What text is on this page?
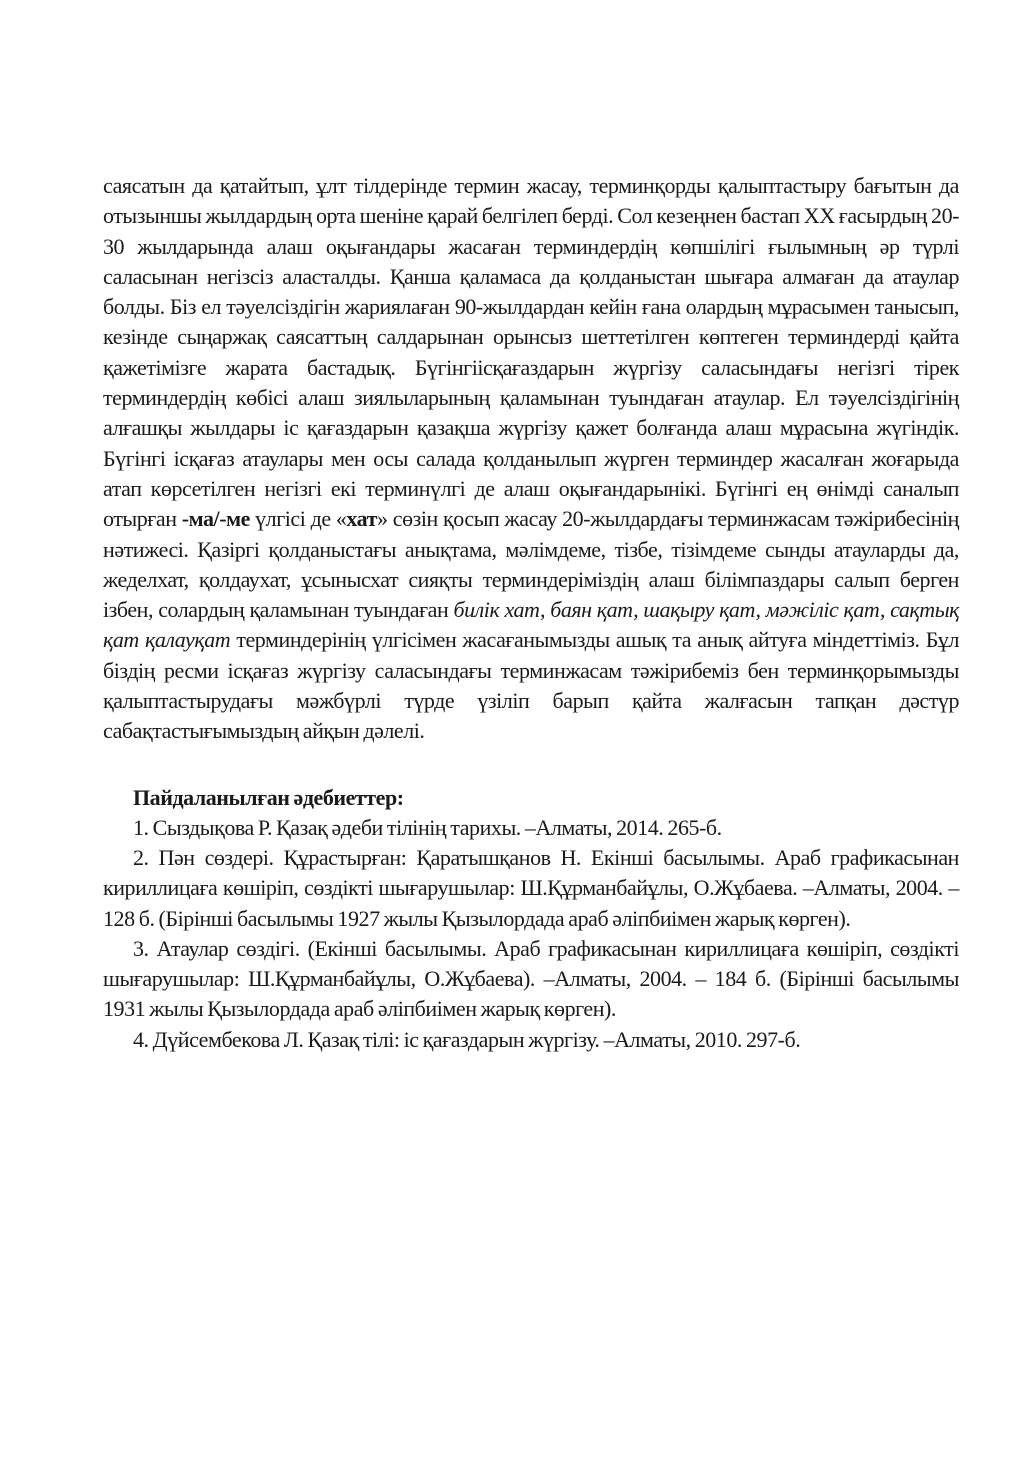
саясатын да қатайтып, ұлт тілдерінде термин жасау, терминқорды қалыптастыру бағытын да отызыншы жылдардың орта шеніне қарай белгілеп берді. Сол кезеңнен бастап ХХ ғасырдың 20-30 жылдарында алаш оқығандары жасаған терминдердің көпшілігі ғылымның әр түрлі саласынан негізсіз аласталды. Қанша қаламаса да қолданыстан шығара алмаған да атаулар болды. Біз ел тәуелсіздігін жариялаған 90-жылдардан кейін ғана олардың мұрасымен танысып, кезінде сыңаржақ саясаттың салдарынан орынсыз шеттетілген көптеген терминдерді қайта қажетімізге жарата бастадық. Бүгінгіісқағаздарын жүргізу саласындағы негізгі тірек терминдердің көбісі алаш зиялыларының қаламынан туындаған атаулар. Ел тәуелсіздігінің алғашқы жылдары іс қағаздарын қазақша жүргізу қажет болғанда алаш мұрасына жүгіндік. Бүгінгі ісқағаз атаулары мен осы салада қолданылып жүрген терминдер жасалған жоғарыда атап көрсетілген негізгі екі терминүлгі де алаш оқығандарынікі. Бүгінгі ең өнімді саналып отырған -ма/-ме үлгісі де «хат» сөзін қосып жасау 20-жылдардағы терминжасам тәжірибесінің нәтижесі. Қазіргі қолданыстағы анықтама, мәлімдеме, тізбе, тізімдеме сынды атауларды да, жеделхат, қолдаухат, ұсынысхат сияқты терминдеріміздің алаш білімпаздары салып берген ізбен, солардың қаламынан туындаған билік хат, баян қат, шақыру қат, мәжіліс қат, сақтық қат қалауқат терминдерінің үлгісімен жасағанымызды ашық та анық айтуға міндеттіміз. Бұл біздің ресми ісқағаз жүргізу саласындағы терминжасам тәжірибеміз бен терминқорымызды қалыптастырудағы мәжбүрлі түрде үзіліп барып қайта жалғасын тапқан дәстүр сабақтастығымыздың айқын дәлелі.

Пайдаланылған әдебиеттер:
1. Сыздықова Р. Қазақ әдеби тілінің тарихы. –Алматы, 2014. 265-б.
2. Пән сөздері. Құрастырған: Қаратышқанов Н. Екінші басылымы. Араб графикасынан кириллицаға көшіріп, сөздікті шығарушылар: Ш.Құрманбайұлы, О.Жұбаева. –Алматы, 2004. – 128 б. (Бірінші басылымы 1927 жылы Қызылордада араб әліпбиімен жарық көрген).
3. Атаулар сөздігі. (Екінші басылымы. Араб графикасынан кириллицаға көшіріп, сөздікті шығарушылар: Ш.Құрманбайұлы, О.Жұбаева). –Алматы, 2004. – 184 б. (Бірінші басылымы 1931 жылы Қызылордада араб әліпбиімен жарық көрген).
4. Дүйсембекова Л. Қазақ тілі: іс қағаздарын жүргізу. –Алматы, 2010. 297-б.
